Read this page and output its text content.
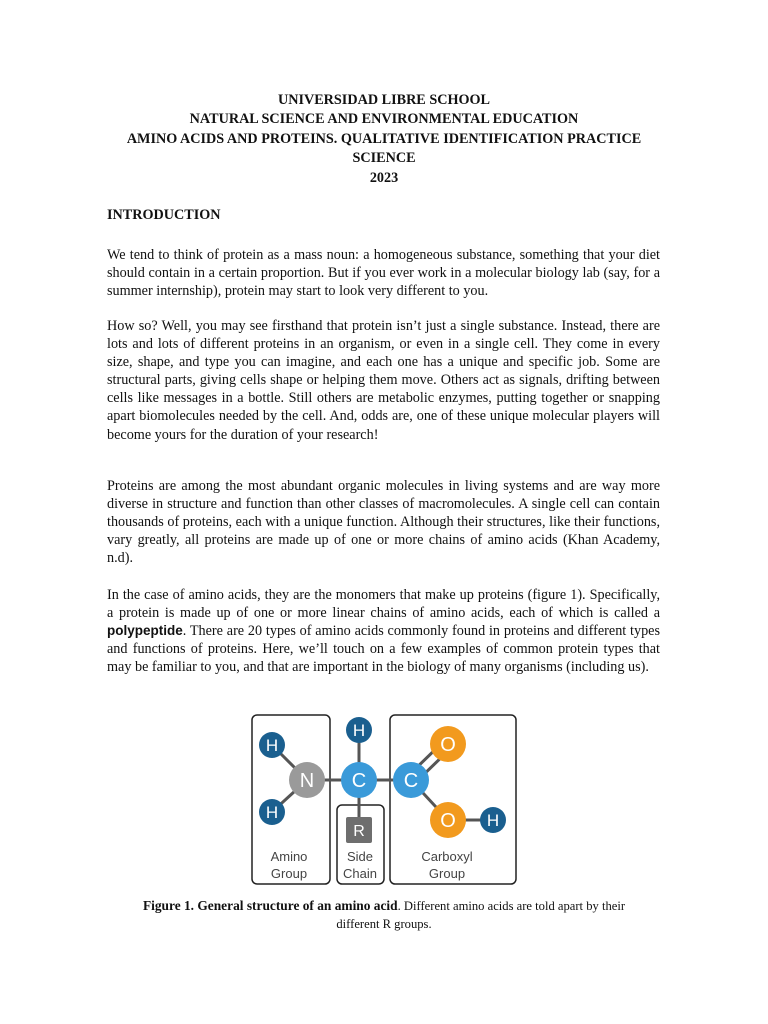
UNIVERSIDAD LIBRE SCHOOL
NATURAL SCIENCE AND ENVIRONMENTAL EDUCATION
AMINO ACIDS AND PROTEINS. QUALITATIVE IDENTIFICATION PRACTICE
SCIENCE
2023
INTRODUCTION
We tend to think of protein as a mass noun: a homogeneous substance, something that your diet should contain in a certain proportion. But if you ever work in a molecular biology lab (say, for a summer internship), protein may start to look very different to you.
How so? Well, you may see firsthand that protein isn’t just a single substance. Instead, there are lots and lots of different proteins in an organism, or even in a single cell. They come in every size, shape, and type you can imagine, and each one has a unique and specific job. Some are structural parts, giving cells shape or helping them move. Others act as signals, drifting between cells like messages in a bottle. Still others are metabolic enzymes, putting together or snapping apart biomolecules needed by the cell. And, odds are, one of these unique molecular players will become yours for the duration of your research!
Proteins are among the most abundant organic molecules in living systems and are way more diverse in structure and function than other classes of macromolecules. A single cell can contain thousands of proteins, each with a unique function. Although their structures, like their functions, vary greatly, all proteins are made up of one or more chains of amino acids (Khan Academy, n.d).
In the case of amino acids, they are the monomers that make up proteins (figure 1). Specifically, a protein is made up of one or more linear chains of amino acids, each of which is called a polypeptide. There are 20 types of amino acids commonly found in proteins and different types and functions of proteins. Here, we’ll touch on a few examples of common protein types that may be familiar to you, and that are important in the biology of many organisms (including us).
H
H
N
H
C
R
C
O
O H
Amino
Group
Side
Chain
Carboxyl
Group
Figure 1. General structure of an amino acid. Different amino acids are told apart by their different R groups.
